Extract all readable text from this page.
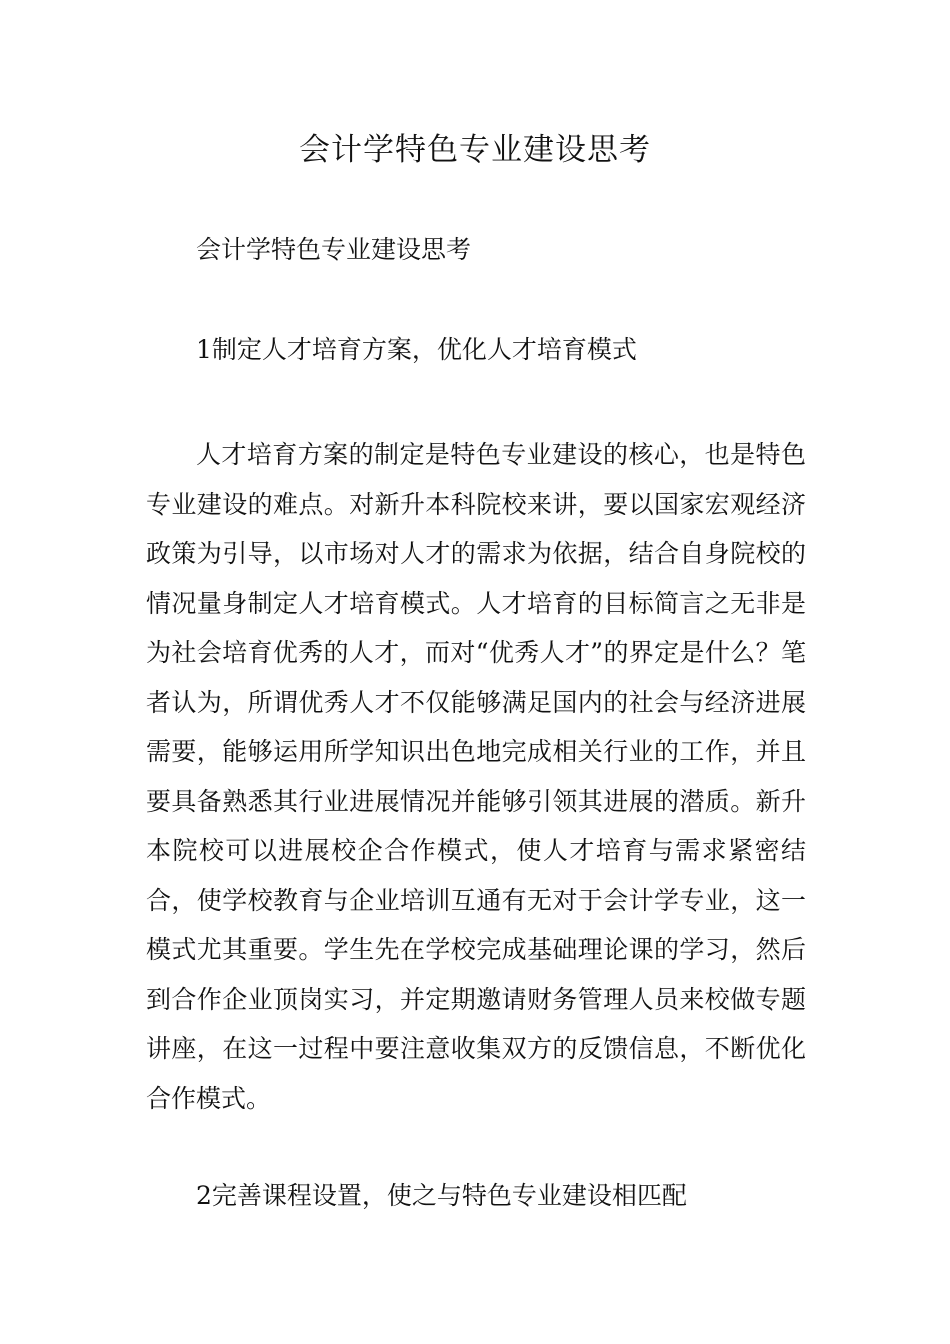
会计学特色专业建设思考

会计学特色专业建设思考

1制定人才培育方案，优化人才培育模式

人才培育方案的制定是特色专业建设的核心，也是特色专业建设的难点。对新升本科院校来讲，要以国家宏观经济政策为引导，以市场对人才的需求为依据，结合自身院校的情况量身制定人才培育模式。人才培育的目标简言之无非是为社会培育优秀的人才，而对“优秀人才”的界定是什么？笔者认为，所谓优秀人才不仅能够满足国内的社会与经济进展需要，能够运用所学知识出色地完成相关行业的工作，并且要具备熟悉其行业进展情况并能够引领其进展的潜质。新升本院校可以进展校企合作模式，使人才培育与需求紧密结合，使学校教育与企业培训互通有无对于会计学专业，这一模式尤其重要。学生先在学校完成基础理论课的学习，然后到合作企业顶岗实习，并定期邀请财务管理人员来校做专题讲座，在这一过程中要注意收集双方的反馈信息，不断优化合作模式。

2完善课程设置，使之与特色专业建设相匹配
